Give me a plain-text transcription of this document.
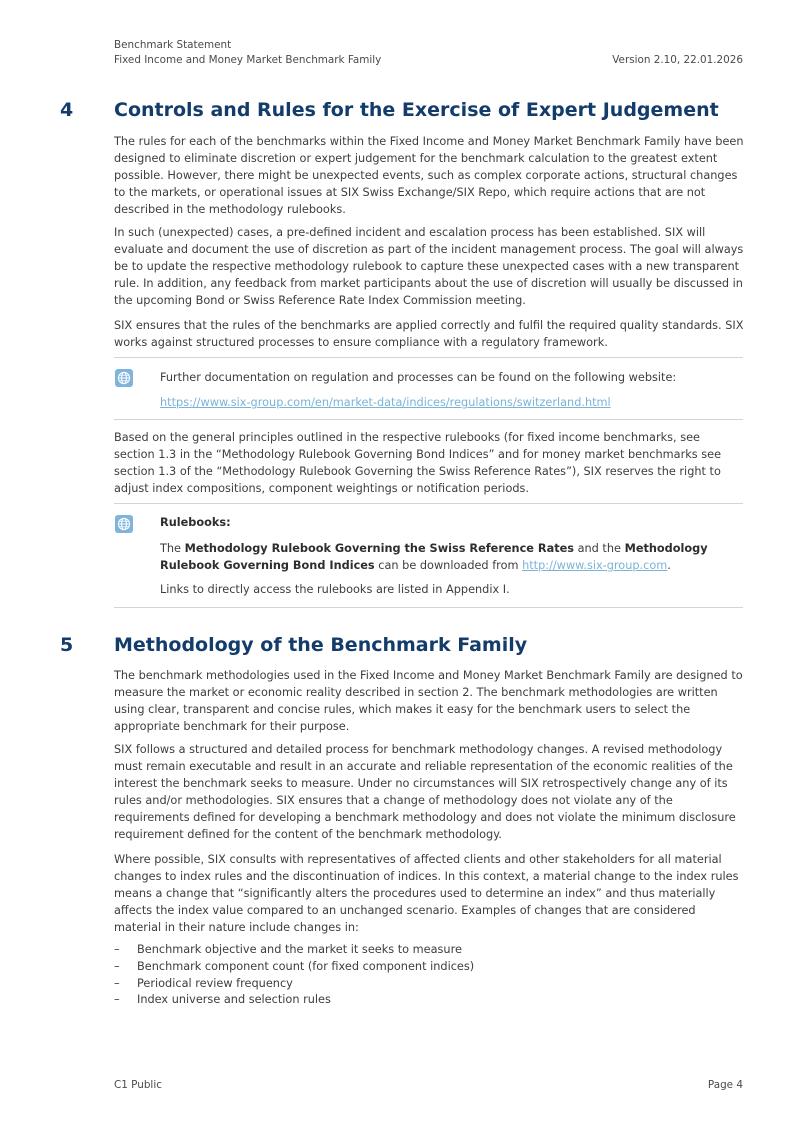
Benchmark Statement
Fixed Income and Money Market Benchmark Family	Version 2.10, 22.01.2026
4 Controls and Rules for the Exercise of Expert Judgement

The rules for each of the benchmarks within the Fixed Income and Money Market Benchmark Family have been designed to eliminate discretion or expert judgement for the benchmark calculation to the greatest extent possible. However, there might be unexpected events, such as complex corporate actions, structural changes to the markets, or operational issues at SIX Swiss Exchange/SIX Repo, which require actions that are not described in the methodology rulebooks.

In such (unexpected) cases, a pre-defined incident and escalation process has been established. SIX will evaluate and document the use of discretion as part of the incident management process. The goal will always be to update the respective methodology rulebook to capture these unexpected cases with a new transparent rule. In addition, any feedback from market participants about the use of discretion will usually be discussed in the upcoming Bond or Swiss Reference Rate Index Commission meeting.

SIX ensures that the rules of the benchmarks are applied correctly and fulfil the required quality standards. SIX works against structured processes to ensure compliance with a regulatory framework.

Further documentation on regulation and processes can be found on the following website:

https://www.six-group.com/en/market-data/indices/regulations/switzerland.html

Based on the general principles outlined in the respective rulebooks (for fixed income benchmarks, see section 1.3 in the “Methodology Rulebook Governing Bond Indices” and for money market benchmarks see section 1.3 of the “Methodology Rulebook Governing the Swiss Reference Rates”), SIX reserves the right to adjust index compositions, component weightings or notification periods.

Rulebooks:

The Methodology Rulebook Governing the Swiss Reference Rates and the Methodology Rulebook Governing Bond Indices can be downloaded from http://www.six-group.com.

Links to directly access the rulebooks are listed in Appendix I.

5 Methodology of the Benchmark Family

The benchmark methodologies used in the Fixed Income and Money Market Benchmark Family are designed to measure the market or economic reality described in section 2. The benchmark methodologies are written using clear, transparent and concise rules, which makes it easy for the benchmark users to select the appropriate benchmark for their purpose.

SIX follows a structured and detailed process for benchmark methodology changes. A revised methodology must remain executable and result in an accurate and reliable representation of the economic realities of the interest the benchmark seeks to measure. Under no circumstances will SIX retrospectively change any of its rules and/or methodologies. SIX ensures that a change of methodology does not violate any of the requirements defined for developing a benchmark methodology and does not violate the minimum disclosure requirement defined for the content of the benchmark methodology.

Where possible, SIX consults with representatives of affected clients and other stakeholders for all material changes to index rules and the discontinuation of indices. In this context, a material change to the index rules means a change that “significantly alters the procedures used to determine an index” and thus materially affects the index value compared to an unchanged scenario. Examples of changes that are considered material in their nature include changes in:

– Benchmark objective and the market it seeks to measure
– Benchmark component count (for fixed component indices)
– Periodical review frequency
– Index universe and selection rules
C1 Public	Page 4
